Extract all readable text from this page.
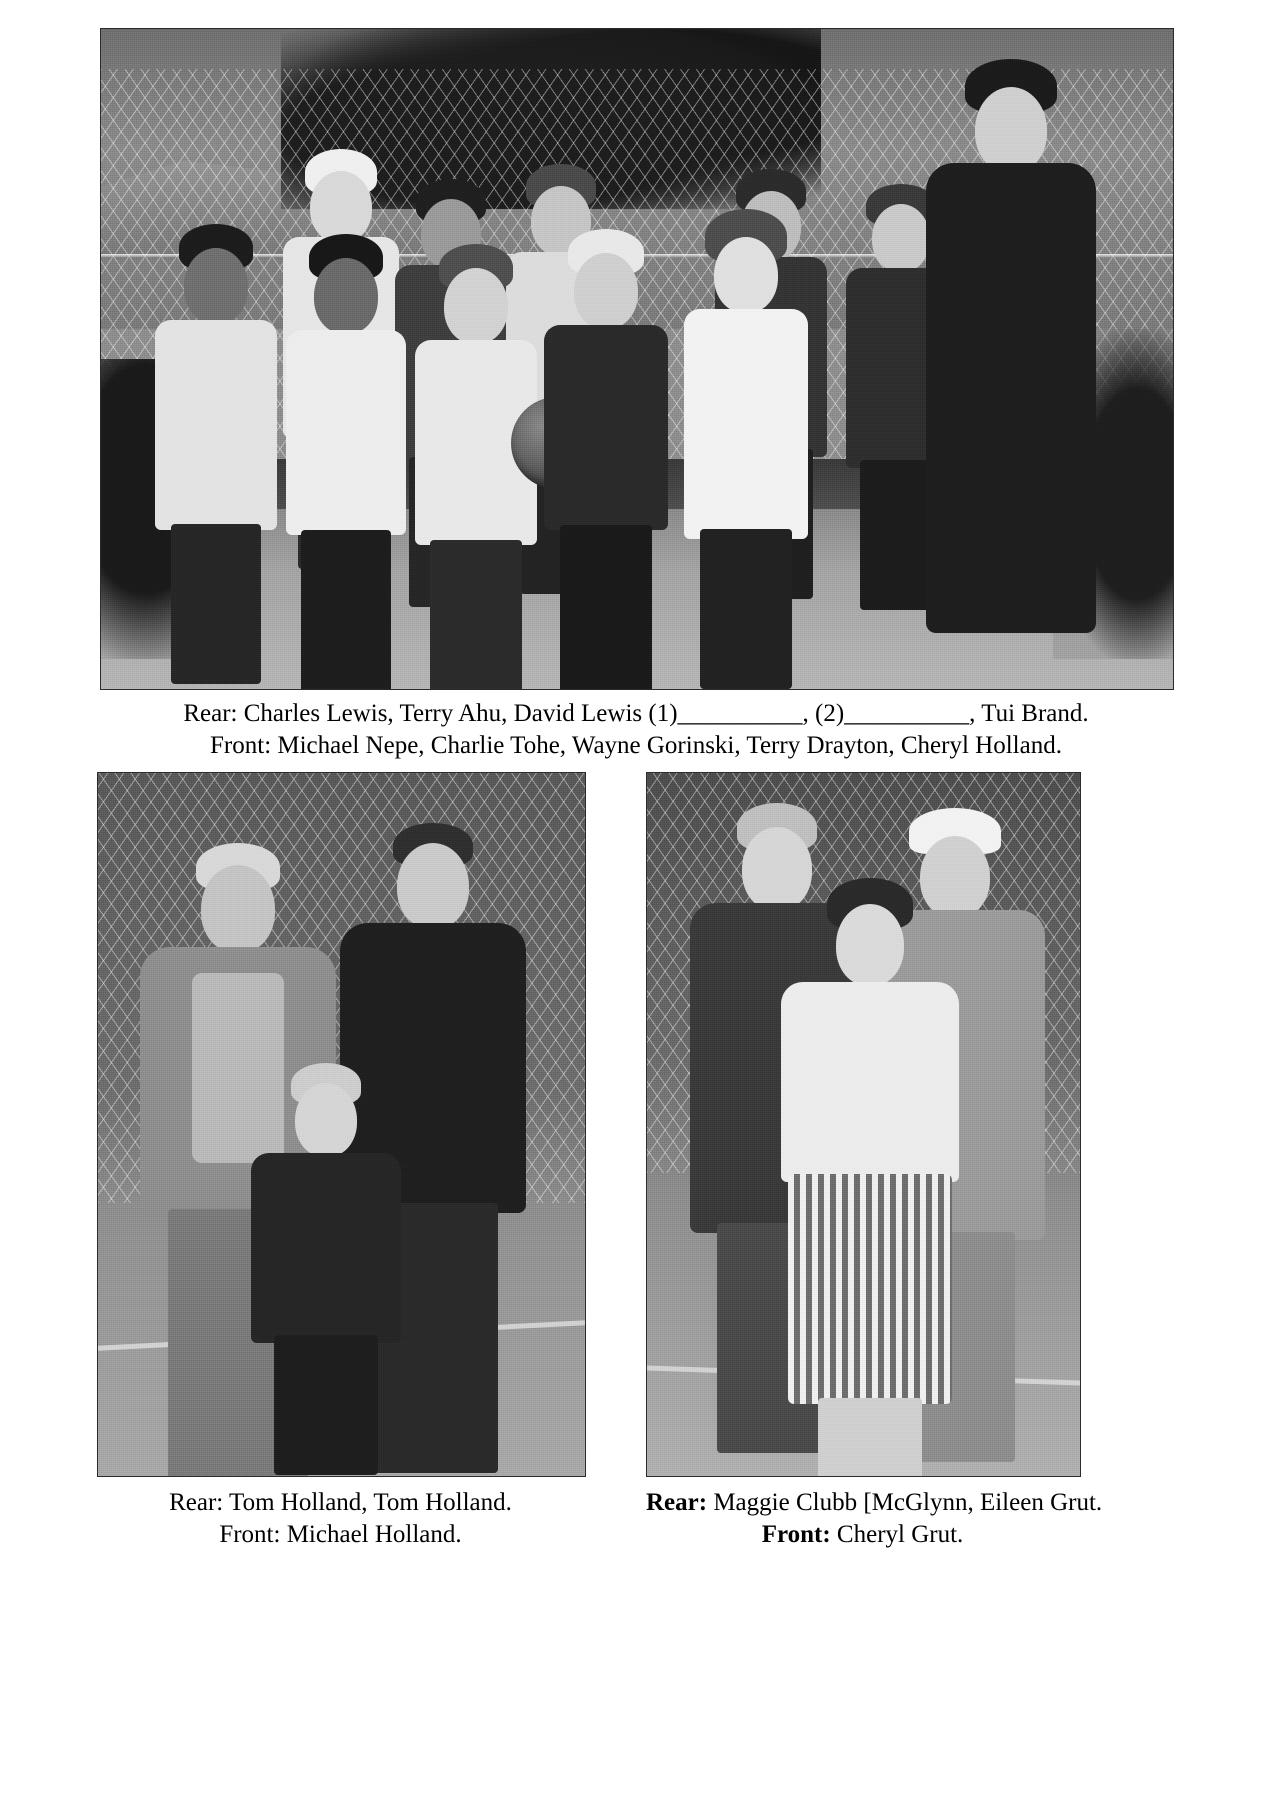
Rear: Charles Lewis, Terry Ahu, David Lewis (1)__________, (2)__________, Tui Brand.
Front: Michael Nepe, Charlie Tohe, Wayne Gorinski, Terry Drayton, Cheryl Holland.
Rear: Tom Holland, Tom Holland.
Front: Michael Holland.
Rear: Maggie Clubb [McGlynn, Eileen Grut.
Front: Cheryl Grut.
